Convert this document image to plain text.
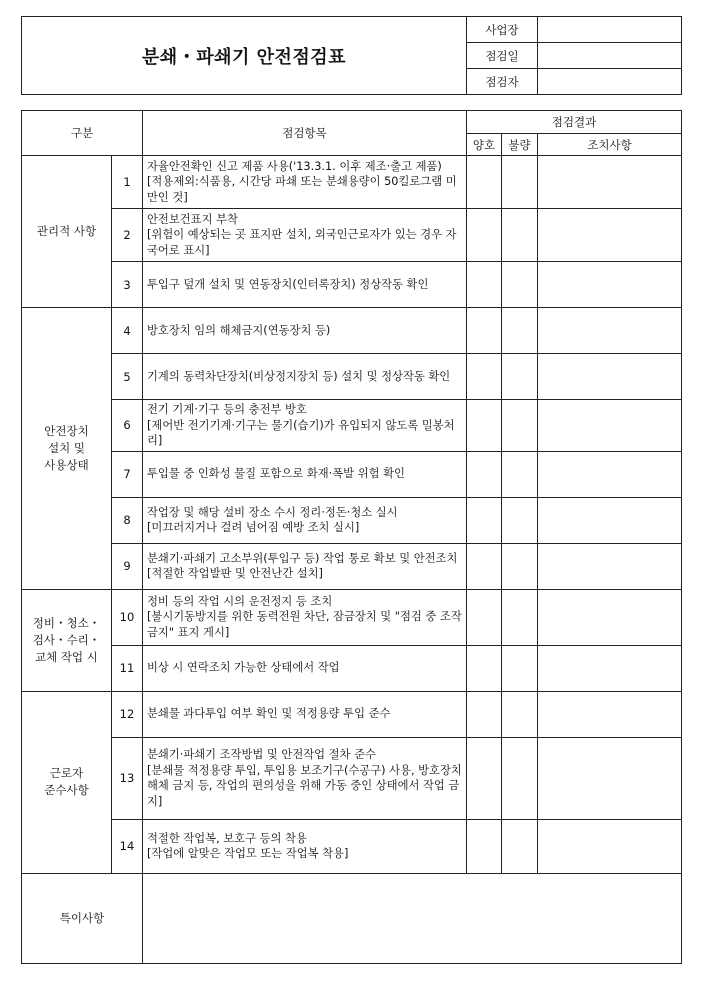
분쇄・파쇄기 안전점검표	사업장	
	점검일	
	점검자	
구분		점검항목	점검결과		
			양호	불량	조치사항

관리적 사항	1	자율안전확인 신고 제품 사용('13.3.1. 이후 제조·출고 제품)
[적용제외:식품용, 시간당 파쇄 또는 분쇄용량이 50킬로그램 미만인 것]			

	2	안전보건표지 부착
[위험이 예상되는 곳 표지판 설치, 외국인근로자가 있는 경우 자국어로 표시]			

	3	투입구 덮개 설치 및 연동장치(인터록장치) 정상작동 확인			

안전장치
설치 및
사용상태	4	방호장치 임의 해체금지(연동장치 등)			

	5	기계의 동력차단장치(비상정지장치 등) 설치 및 정상작동 확인			

	6	전기 기계·기구 등의 충전부 방호
[제어반 전기기계·기구는 물기(습기)가 유입되지 않도록 밀봉처리]			

	7	투입물 중 인화성 물질 포함으로 화재·폭발 위험 확인			

	8	작업장 및 해당 설비 장소 수시 정리·정돈·청소 실시
[미끄러지거나 걸려 넘어짐 예방 조치 실시]			

	9	분쇄기·파쇄기 고소부위(투입구 등) 작업 통로 확보 및 안전조치 [적절한 작업발판 및 안전난간 설치]			

정비・청소・
검사・수리・
교체 작업 시	10	정비 등의 작업 시의 운전정지 등 조치
[불시기동방지를 위한 동력전원 차단, 잠금장치 및 "점검 중 조작금지" 표지 게시]			

	11	비상 시 연락조치 가능한 상태에서 작업			

근로자
준수사항	12	분쇄물 과다투입 여부 확인 및 적정용량 투입 준수			

	13	분쇄기·파쇄기 조작방법 및 안전작업 절차 준수
[분쇄물 적정용량 투입, 투입용 보조기구(수공구) 사용, 방호장치 해체 금지 등, 작업의 편의성을 위해 가동 중인 상태에서 작업 금지]			

	14	적절한 작업복, 보호구 등의 착용
[작업에 알맞은 작업모 또는 작업복 착용]			

특이사항					
